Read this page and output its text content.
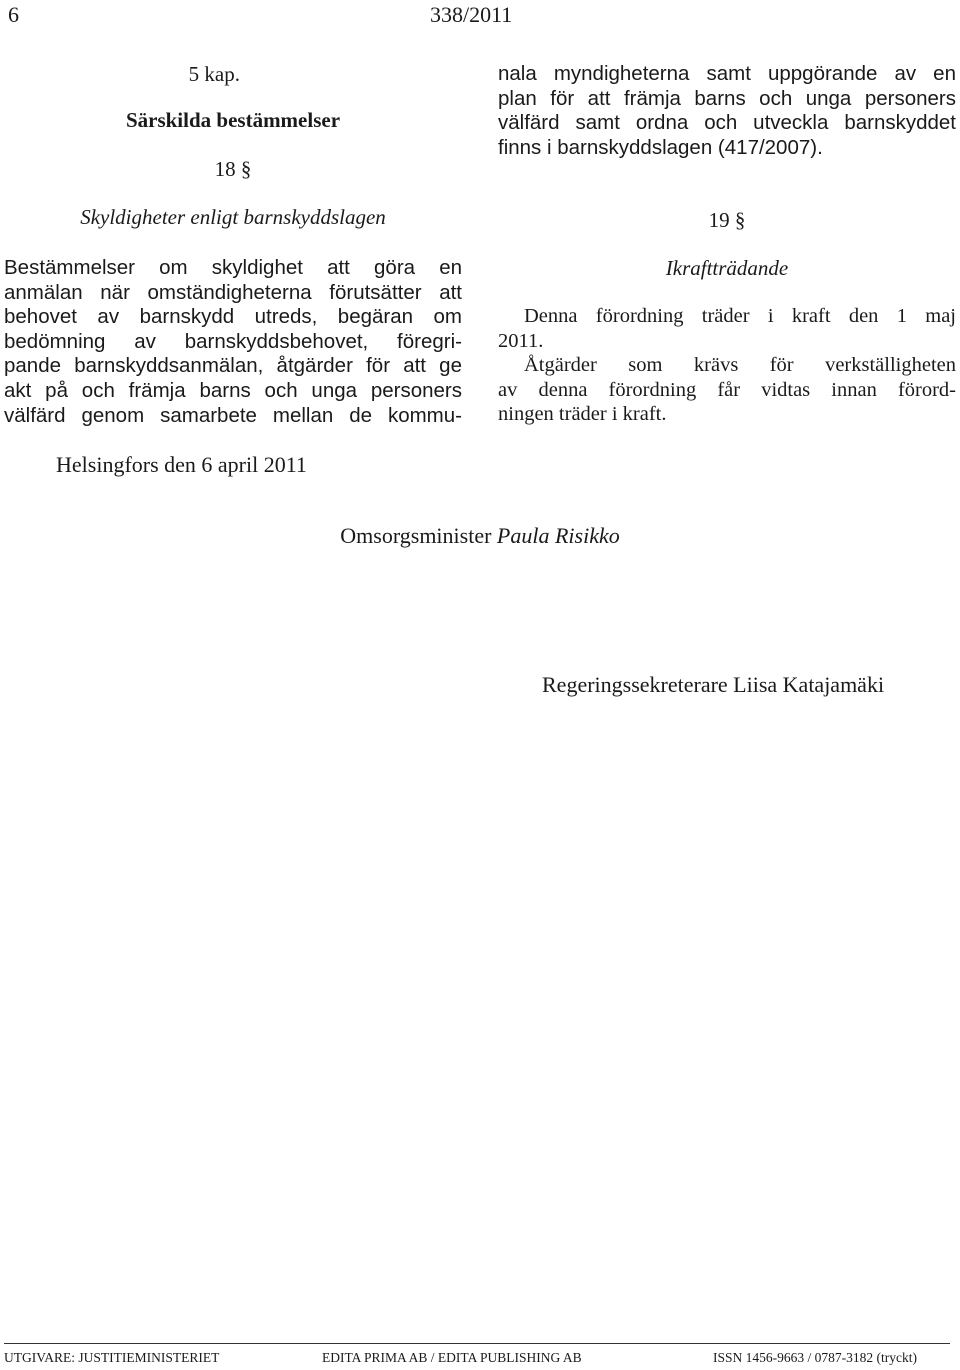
6	338/2011
5 kap.
Särskilda bestämmelser
18 §
Skyldigheter enligt barnskyddslagen
Bestämmelser om skyldighet att göra en
anmälan när omständigheterna förutsätter att
behovet av barnskydd utreds, begäran om
bedömning av barnskyddsbehovet, föregri-
pande barnskyddsanmälan, åtgärder för att ge
akt på och främja barns och unga personers
välfärd genom samarbete mellan de kommu-
nala myndigheterna samt uppgörande av en
plan för att främja barns och unga personers
välfärd samt ordna och utveckla barnskyddet
finns i barnskyddslagen (417/2007).
19 §
Ikraftträdande
Denna förordning träder i kraft den 1 maj
2011.
Åtgärder som krävs för verkställigheten
av denna förordning får vidtas innan förord-
ningen träder i kraft.
Helsingfors den 6 april 2011
Omsorgsminister Paula Risikko
Regeringssekreterare Liisa Katajamäki
UTGIVARE: JUSTITIEMINISTERIET	EDITA PRIMA AB / EDITA PUBLISHING AB	ISSN 1456-9663 / 0787-3182 (tryckt)
